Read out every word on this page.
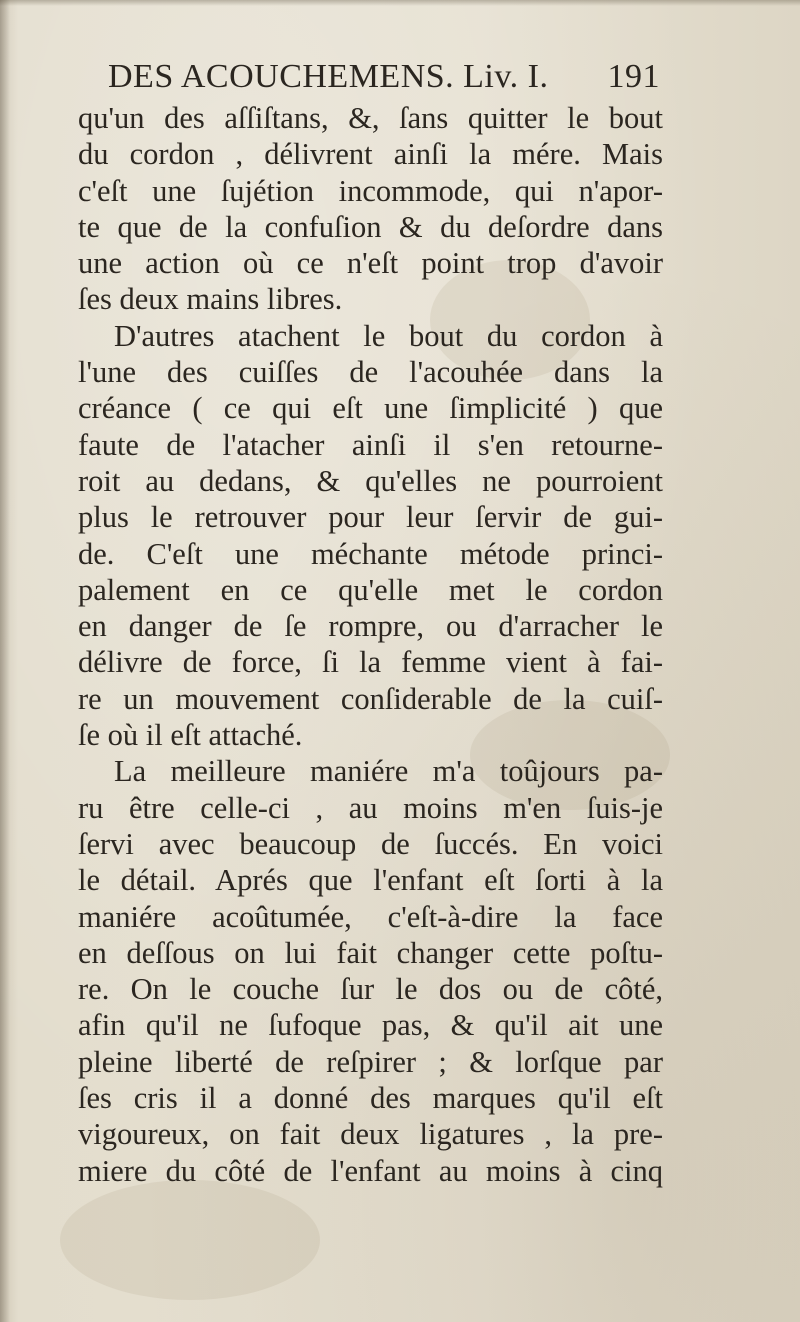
DES ACOUCHEMENS. Liv. I. 191
qu'un des aſſiſtans, &, ſans quitter le bout
du cordon , délivrent ainſi la mére. Mais
c'eſt une ſujétion incommode, qui n'apor-
te que de la confuſion & du deſordre dans
une action où ce n'eſt point trop d'avoir
ſes deux mains libres.
D'autres atachent le bout du cordon à
l'une des cuiſſes de l'acouhée dans la
créance ( ce qui eſt une ſimplicité ) que
faute de l'atacher ainſi il s'en retourne-
roit au dedans, & qu'elles ne pourroient
plus le retrouver pour leur ſervir de gui-
de. C'eſt une méchante métode princi-
palement en ce qu'elle met le cordon
en danger de ſe rompre, ou d'arracher le
délivre de force, ſi la femme vient à fai-
re un mouvement conſiderable de la cuiſ-
ſe où il eſt attaché.
La meilleure maniére m'a toûjours pa-
ru être celle-ci , au moins m'en ſuis-je
ſervi avec beaucoup de ſuccés. En voici
le détail. Aprés que l'enfant eſt ſorti à la
maniére acoûtumée, c'eſt-à-dire la face
en deſſous on lui fait changer cette poſtu-
re. On le couche ſur le dos ou de côté,
afin qu'il ne ſufoque pas, & qu'il ait une
pleine liberté de reſpirer ; & lorſque par
ſes cris il a donné des marques qu'il eſt
vigoureux, on fait deux ligatures , la pre-
miere du côté de l'enfant au moins à cinq
